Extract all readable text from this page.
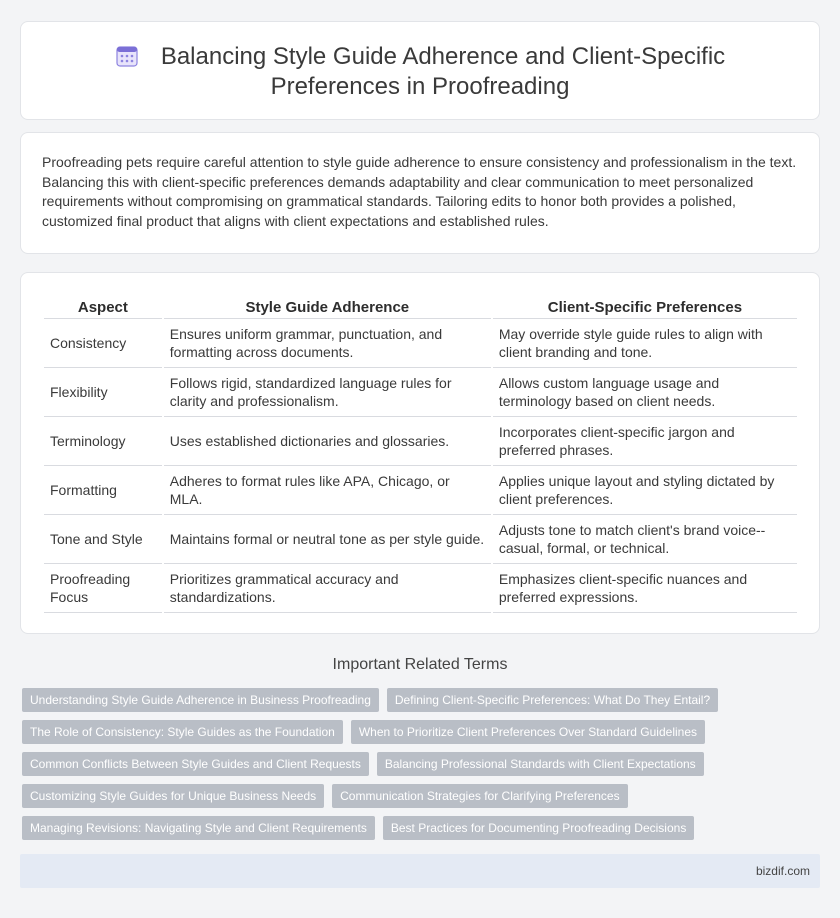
Balancing Style Guide Adherence and Client-Specific Preferences in Proofreading

Proofreading pets require careful attention to style guide adherence to ensure consistency and professionalism in the text. Balancing this with client-specific preferences demands adaptability and clear communication to meet personalized requirements without compromising on grammatical standards. Tailoring edits to honor both provides a polished, customized final product that aligns with client expectations and established rules.

Aspect	Style Guide Adherence	Client-Specific Preferences
Consistency	Ensures uniform grammar, punctuation, and formatting across documents.	May override style guide rules to align with client branding and tone.
Flexibility	Follows rigid, standardized language rules for clarity and professionalism.	Allows custom language usage and terminology based on client needs.
Terminology	Uses established dictionaries and glossaries.	Incorporates client-specific jargon and preferred phrases.
Formatting	Adheres to format rules like APA, Chicago, or MLA.	Applies unique layout and styling dictated by client preferences.
Tone and Style	Maintains formal or neutral tone as per style guide.	Adjusts tone to match client's brand voice--casual, formal, or technical.
Proofreading Focus	Prioritizes grammatical accuracy and standardizations.	Emphasizes client-specific nuances and preferred expressions.
Important Related Terms
Understanding Style Guide Adherence in Business Proofreading	Defining Client-Specific Preferences: What Do They Entail?
The Role of Consistency: Style Guides as the Foundation	When to Prioritize Client Preferences Over Standard Guidelines
Common Conflicts Between Style Guides and Client Requests	Balancing Professional Standards with Client Expectations
Customizing Style Guides for Unique Business Needs	Communication Strategies for Clarifying Preferences
Managing Revisions: Navigating Style and Client Requirements	Best Practices for Documenting Proofreading Decisions
bizdif.com
